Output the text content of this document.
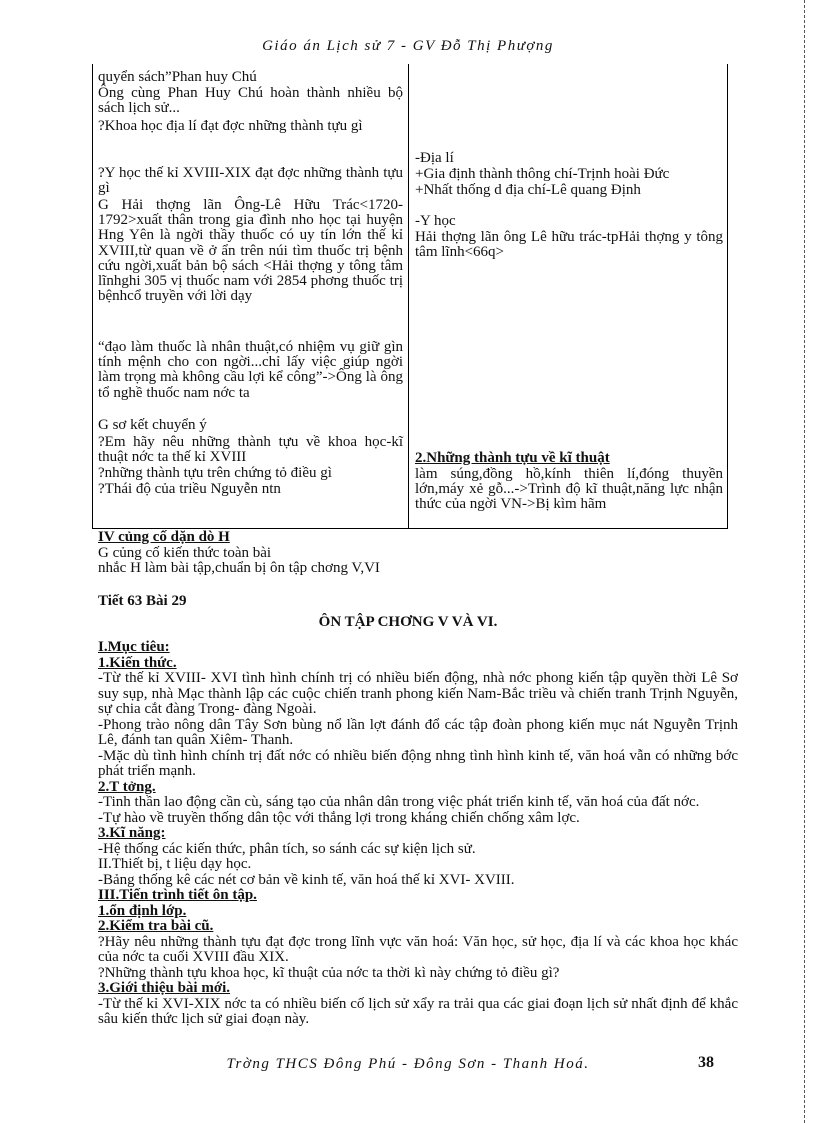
Giáo án Lịch sử 7 - GV Đỗ Thị Phượng
quyển sách”Phan huy Chú
Ông cùng Phan Huy Chú hoàn thành nhiều bộ sách lịch sử...
?Khoa học địa lí đạt đợc những thành tựu gì
?Y học thế kỉ XVIII-XIX đạt đợc những thành tựu gì
G Hải thợng lãn Ông-Lê Hữu Trác<1720-1792>xuất thân trong gia đình nho học tại huyện Hng Yên là ngời thầy thuốc có uy tín lớn thế kỉ XVIII,từ quan về ở ẩn trên núi tìm thuốc trị bệnh cứu ngời,xuất bản bộ sách <Hải thợng y tông tâm lĩnhghi 305 vị thuốc nam với 2854 phơng thuốc trị bệnhcổ truyền với lời dạy
“đạo làm thuốc là nhân thuật,có nhiệm vụ giữ gìn tính mệnh cho con ngời...chỉ lấy việc giúp ngời làm trọng mà không cầu lợi kể công”->Ông là ông tổ nghề thuốc nam nớc ta
G sơ kết chuyển ý
?Em hãy nêu những thành tựu về khoa học-kĩ thuật nớc ta thế kỉ XVIII
?những thành tựu trên chứng tỏ điều gì
?Thái độ của triều Nguyễn ntn
-Địa lí
+Gia định thành thông chí-Trịnh hoài Đức
+Nhất thống d địa chí-Lê quang Định
-Y học
Hải thợng lãn ông Lê hữu trác-tpHải thợng y tông tâm lĩnh<66q>
2.Những thành tựu về kĩ thuật
làm súng,đồng hồ,kính thiên lí,đóng thuyền lớn,máy xẻ gỗ...->Trình độ kĩ thuật,năng lực nhận thức của ngời VN->Bị kìm hãm

IV củng cố dặn dò H

G củng cố kiến thức toàn bài

nhắc H làm bài tập,chuẩn bị ôn tập chơng V,VI

Tiết 63 Bài 29
ÔN TẬP CHƠNG V VÀ VI.

I.Mục tiêu:

1.Kiến thức.

-Từ thế kỉ XVIII- XVI tình hình chính trị có nhiều biến động, nhà nớc phong kiến tập quyền thời Lê Sơ suy sụp, nhà Mạc thành lập các cuộc chiến tranh phong kiến Nam-Bắc triều và chiến tranh Trịnh Nguyễn, sự chia cắt đàng Trong- đàng Ngoài.

-Phong trào nông dân Tây Sơn bùng nổ lần lợt đánh đổ các tập đoàn phong kiến mục nát Nguyễn Trịnh Lê, đánh tan quân Xiêm- Thanh.

-Mặc dù tình hình chính trị đất nớc có nhiều biến động nhng tình hình kinh tế, văn hoá vẫn có những bớc phát triển mạnh.

2.T tởng.

-Tinh thần lao động cần cù, sáng tạo của nhân dân trong việc phát triển kinh tế, văn hoá của đất nớc.

-Tự hào về truyền thống dân tộc với thắng lợi trong kháng chiến chống xâm lợc.

3.Kĩ năng:

-Hệ thống các kiến thức, phân tích, so sánh các sự kiện lịch sử.

II.Thiết bị, t liệu dạy học.

-Bảng thống kê các nét cơ bản về kinh tế, văn hoá thế kỉ XVI- XVIII.

III.Tiến trình tiết ôn tập.

1.ổn định lớp.

2.Kiểm tra bài cũ.

?Hãy nêu những thành tựu đạt đợc trong lĩnh vực văn hoá: Văn học, sử học, địa lí và các khoa học khác của nớc ta cuối XVIII đầu XIX.

?Những thành tựu khoa học, kĩ thuật của nớc ta thời kì này chứng tỏ điều gì?

3.Giới thiệu bài mới.

-Từ thế kỉ XVI-XIX nớc ta có nhiều biến cố lịch sử xẩy ra trải qua các giai đoạn lịch sử nhất định để khắc sâu kiến thức lịch sử giai đoạn này.

Trờng THCS Đông Phú - Đông Sơn - Thanh Hoá.	38
